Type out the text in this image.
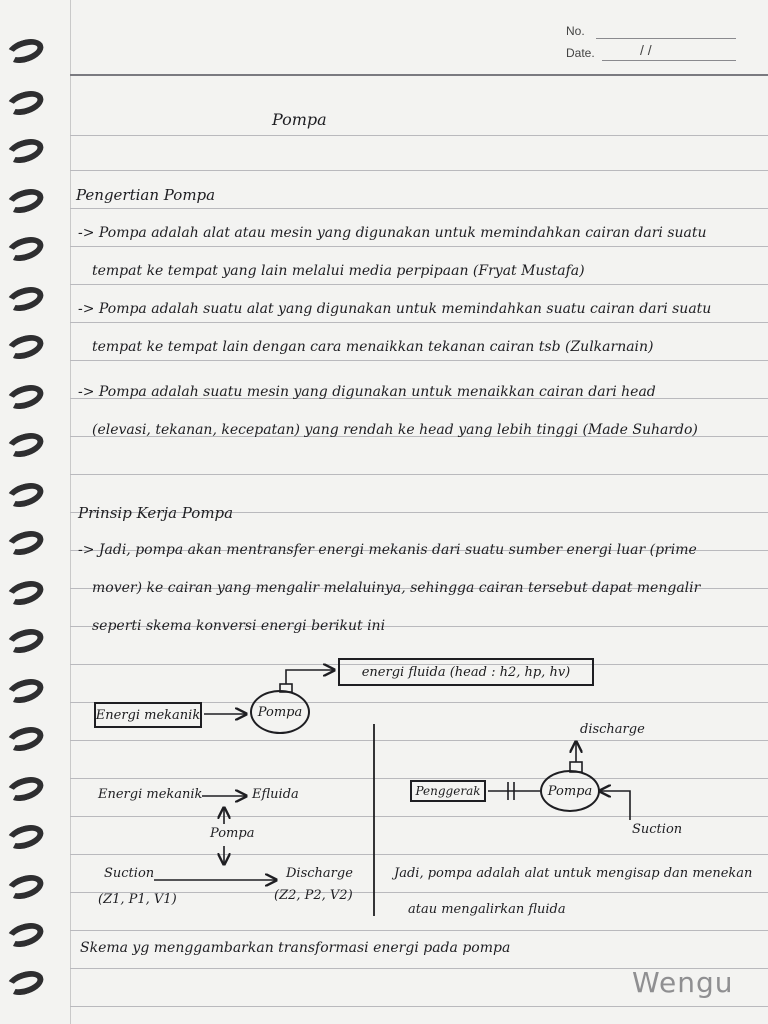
No.
Date.	/ /
Pompa
Pengertian Pompa
-> Pompa adalah alat atau mesin yang digunakan untuk memindahkan cairan dari suatu
tempat ke tempat yang lain melalui media perpipaan (Fryat Mustafa)
-> Pompa adalah suatu alat yang digunakan untuk memindahkan suatu cairan dari suatu
tempat ke tempat lain dengan cara menaikkan tekanan cairan tsb (Zulkarnain)
-> Pompa adalah suatu mesin yang digunakan untuk menaikkan cairan dari head
(elevasi, tekanan, kecepatan) yang rendah ke head yang lebih tinggi (Made Suhardo)
Prinsip Kerja Pompa
-> Jadi, pompa akan mentransfer energi mekanis dari suatu sumber energi luar (prime
mover) ke cairan yang mengalir melaluinya, sehingga cairan tersebut dapat mengalir
seperti skema konversi energi berikut ini
energi fluida (head : h2, hp, hv)
Energi mekanik	Pompa
Energi mekanik	Efluida
Pompa
Suction
(Z1, P1, V1)
Discharge
(Z2, P2, V2)
Penggerak	Pompa
discharge
Suction
Jadi, pompa adalah alat untuk mengisap dan menekan
atau mengalirkan fluida
Skema yg menggambarkan transformasi energi pada pompa
Wengu
